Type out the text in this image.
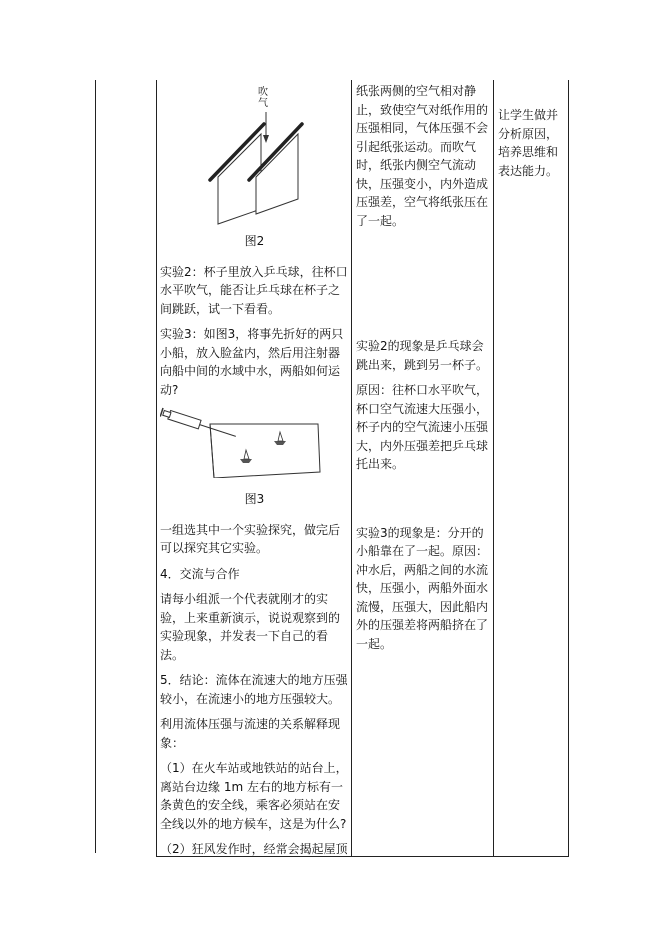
吹
气

图2

实验2：杯子里放入乒乓球，往杯口水平吹气，能否让乒乓球在杯子之间跳跃，试一下看看。

实验3：如图3，将事先折好的两只小船，放入脸盆内，然后用注射器向船中间的水域中水，两船如何运动?

图3

一组选其中一个实验探究，做完后可以探究其它实验。

4．交流与合作

请每小组派一个代表就刚才的实验，上来重新演示，说说观察到的实验现象，并发表一下自己的看法。

5．结论：流体在流速大的地方压强较小，在流速小的地方压强较大。

利用流体压强与流速的关系解释现象：

（1）在火车站或地铁站的站台上，离站台边缘 1m 左右的地方标有一条黄色的安全线，乘客必须站在安全线以外的地方候车，这是为什么?

（2）狂风发作时，经常会揭起屋顶

纸张两侧的空气相对静止，致使空气对纸作用的压强相同，气体压强不会引起纸张运动。而吹气时，纸张内侧空气流动快，压强变小，内外造成压强差，空气将纸张压在了一起。

实验2的现象是乒乓球会跳出来，跳到另一杯子。

原因：往杯口水平吹气，杯口空气流速大压强小，杯子内的空气流速小压强大，内外压强差把乒乓球托出来。

实验3的现象是：分开的小船靠在了一起。原因：冲水后，两船之间的水流快，压强小，两船外面水流慢，压强大，因此船内外的压强差将两船挤在了一起。

让学生做并分析原因，培养思维和表达能力。
